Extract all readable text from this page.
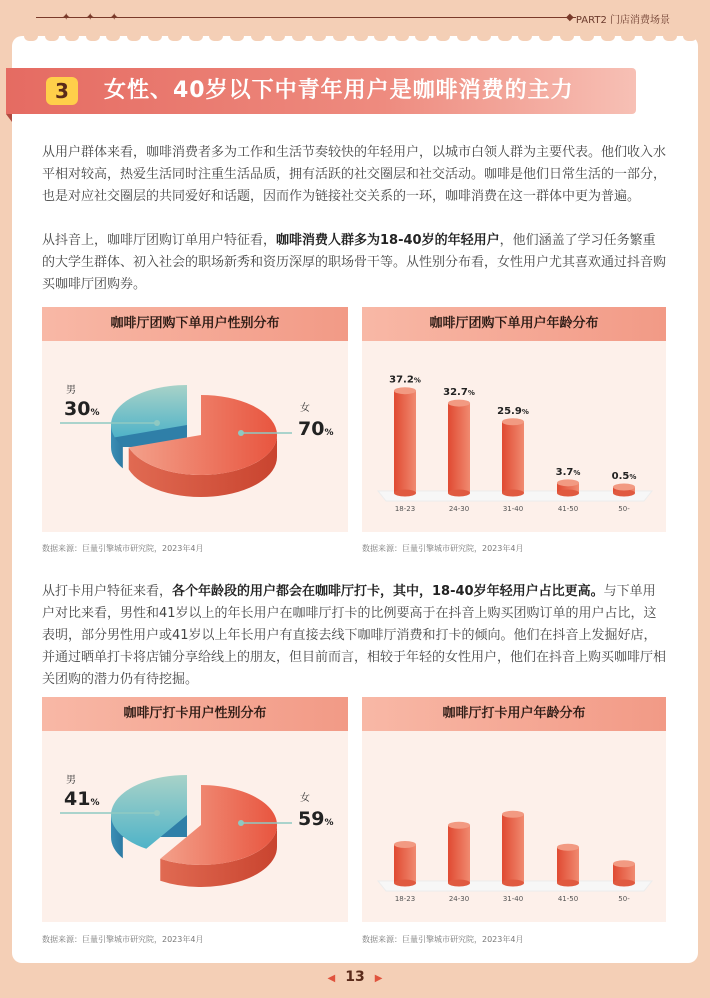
✦ ✦ ✦	◆ PART2 门店消费场景
3	女性、40岁以下中青年用户是咖啡消费的主力
从用户群体来看，咖啡消费者多为工作和生活节奏较快的年轻用户，以城市白领人群为主要代表。他们收入水平相对较高，热爱生活同时注重生活品质，拥有活跃的社交圈层和社交活动。咖啡是他们日常生活的一部分，也是对应社交圈层的共同爱好和话题，因而作为链接社交关系的一环，咖啡消费在这一群体中更为普遍。
从抖音上，咖啡厅团购订单用户特征看，咖啡消费人群多为18-40岁的年轻用户，他们涵盖了学习任务繁重的大学生群体、初入社会的职场新秀和资历深厚的职场骨干等。从性别分布看，女性用户尤其喜欢通过抖音购买咖啡厅团购券。
咖啡厅团购下单用户性别分布
男
30%	女
70%
数据来源：巨量引擎城市研究院，2023年4月
咖啡厅团购下单用户年龄分布
18-23
37.2%
24-30
32.7%
31-40
25.9%
41-50
3.7%
50-
0.5%
数据来源：巨量引擎城市研究院，2023年4月
从打卡用户特征来看，各个年龄段的用户都会在咖啡厅打卡，其中，18-40岁年轻用户占比更高。与下单用户对比来看，男性和41岁以上的年长用户在咖啡厅打卡的比例要高于在抖音上购买团购订单的用户占比，这表明，部分男性用户或41岁以上年长用户有直接去线下咖啡厅消费和打卡的倾向。他们在抖音上发掘好店，并通过晒单打卡将店铺分享给线上的朋友，但目前而言，相较于年轻的女性用户，他们在抖音上购买咖啡厅相关团购的潜力仍有待挖掘。
咖啡厅打卡用户性别分布
男
41%	女
59%
数据来源：巨量引擎城市研究院，2023年4月
咖啡厅打卡用户年龄分布
18-23	24-30	31-40	41-50	50-
数据来源：巨量引擎城市研究院，2023年4月
◀ 13 ▶
